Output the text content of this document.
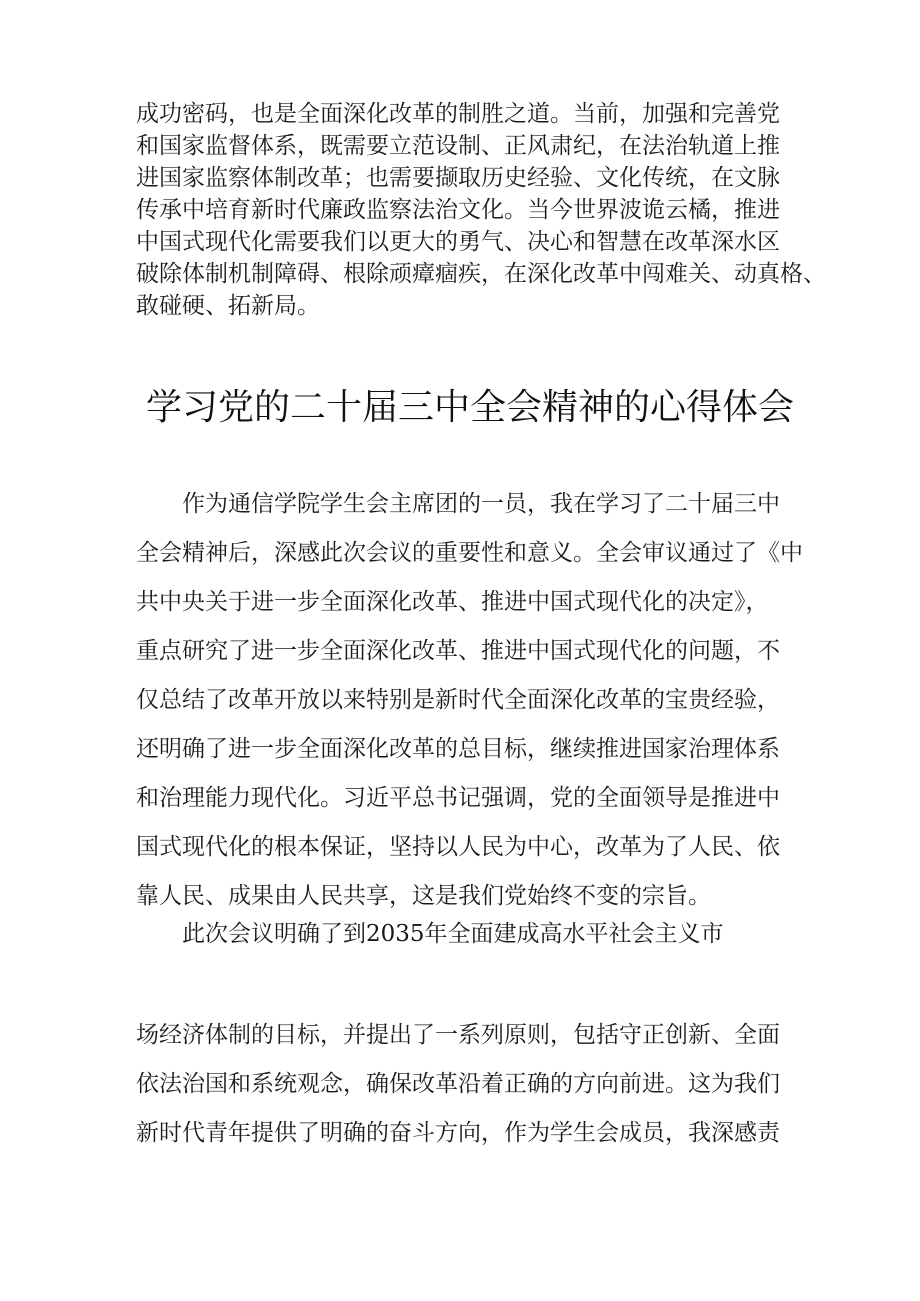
成功密码，也是全面深化改革的制胜之道。当前，加强和完善党

和国家监督体系，既需要立范设制、正风肃纪，在法治轨道上推

进国家监察体制改革；也需要撷取历史经验、文化传统，在文脉

传承中培育新时代廉政监察法治文化。当今世界波诡云橘，推进

中国式现代化需要我们以更大的勇气、决心和智慧在改革深水区

破除体制机制障碍、根除顽瘴痼疾，在深化改革中闯难关、动真格、

敢碰硬、拓新局。

学习党的二十届三中全会精神的心得体会

作为通信学院学生会主席团的一员，我在学习了二十届三中

全会精神后，深感此次会议的重要性和意义。全会审议通过了《中

共中央关于进一步全面深化改革、推进中国式现代化的决定》，

重点研究了进一步全面深化改革、推进中国式现代化的问题，不

仅总结了改革开放以来特别是新时代全面深化改革的宝贵经验，

还明确了进一步全面深化改革的总目标，继续推进国家治理体系

和治理能力现代化。习近平总书记强调，党的全面领导是推进中

国式现代化的根本保证，坚持以人民为中心，改革为了人民、依

靠人民、成果由人民共享，这是我们党始终不变的宗旨。

此次会议明确了到2035年全面建成高水平社会主义市

场经济体制的目标，并提出了一系列原则，包括守正创新、全面

依法治国和系统观念，确保改革沿着正确的方向前进。这为我们

新时代青年提供了明确的奋斗方向，作为学生会成员，我深感责
